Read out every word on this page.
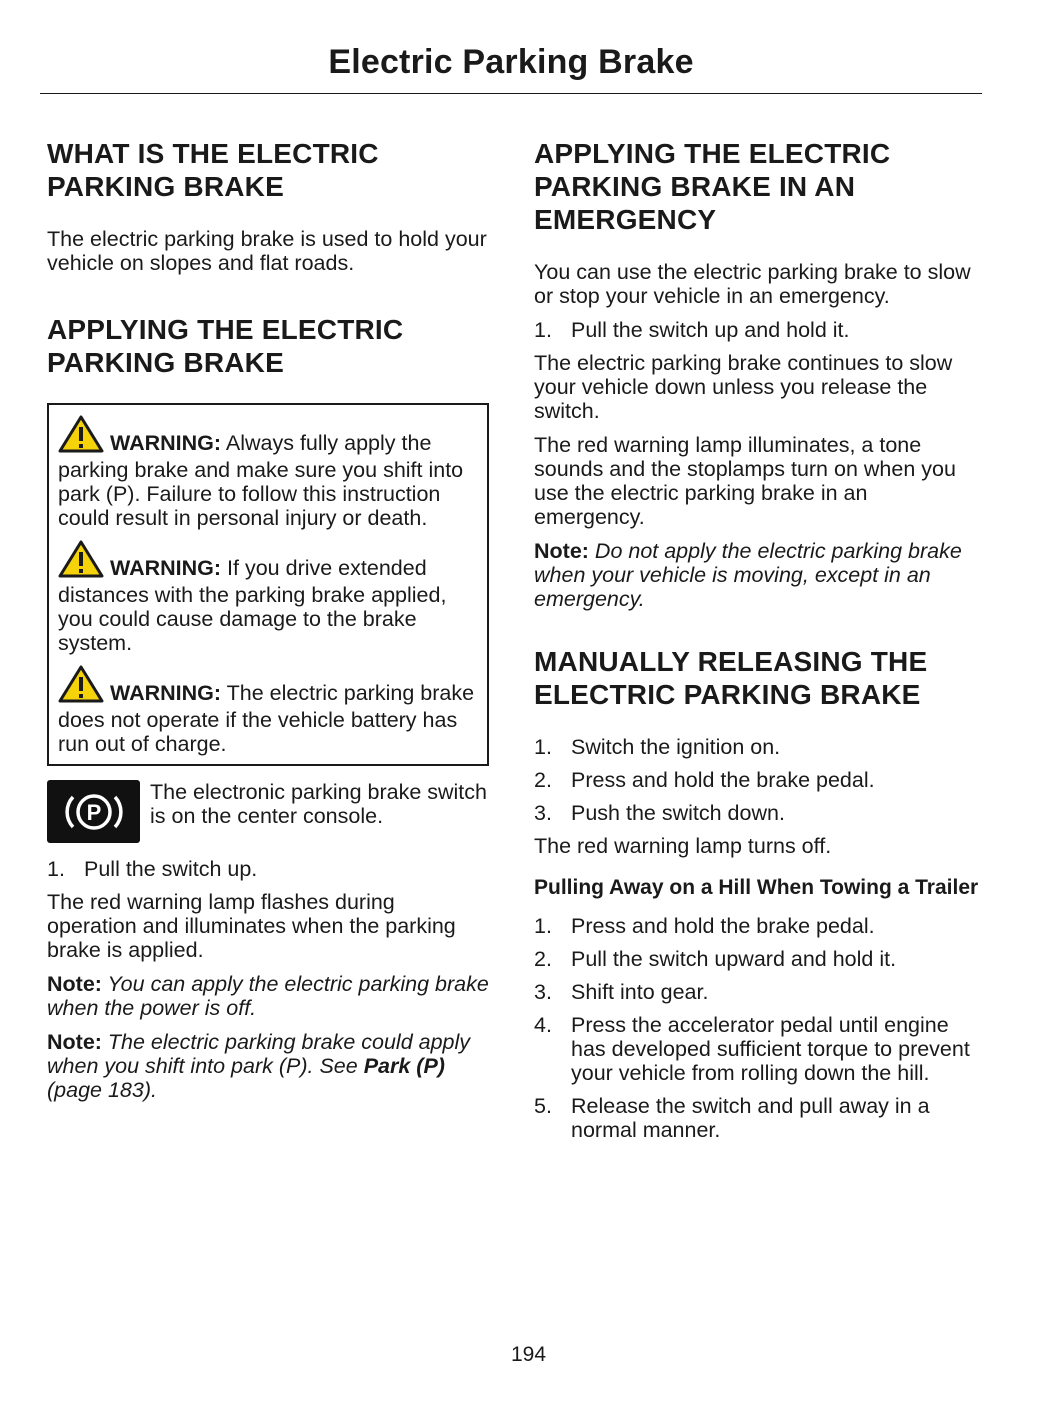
Electric Parking Brake
WHAT IS THE ELECTRIC PARKING BRAKE

The electric parking brake is used to hold your vehicle on slopes and flat roads.

APPLYING THE ELECTRIC PARKING BRAKE

WARNING: Always fully apply the parking brake and make sure you shift into park (P). Failure to follow this instruction could result in personal injury or death.

WARNING: If you drive extended distances with the parking brake applied, you could cause damage to the brake system.

WARNING: The electric parking brake does not operate if the vehicle battery has run out of charge.

P

The electronic parking brake switch is on the center console.

1. Pull the switch up.

The red warning lamp flashes during operation and illuminates when the parking brake is applied.

Note: You can apply the electric parking brake when the power is off.

Note: The electric parking brake could apply when you shift into park (P). See Park (P) (page 183).

APPLYING THE ELECTRIC PARKING BRAKE IN AN EMERGENCY

You can use the electric parking brake to slow or stop your vehicle in an emergency.

1. Pull the switch up and hold it.

The electric parking brake continues to slow your vehicle down unless you release the switch.

The red warning lamp illuminates, a tone sounds and the stoplamps turn on when you use the electric parking brake in an emergency.

Note: Do not apply the electric parking brake when your vehicle is moving, except in an emergency.

MANUALLY RELEASING THE ELECTRIC PARKING BRAKE
1. Switch the ignition on.
2. Press and hold the brake pedal.
3. Push the switch down.

The red warning lamp turns off.

Pulling Away on a Hill When Towing a Trailer
1. Press and hold the brake pedal.
2. Pull the switch upward and hold it.
3. Shift into gear.
4. Press the accelerator pedal until engine has developed sufficient torque to prevent your vehicle from rolling down the hill.
5. Release the switch and pull away in a normal manner.
194
